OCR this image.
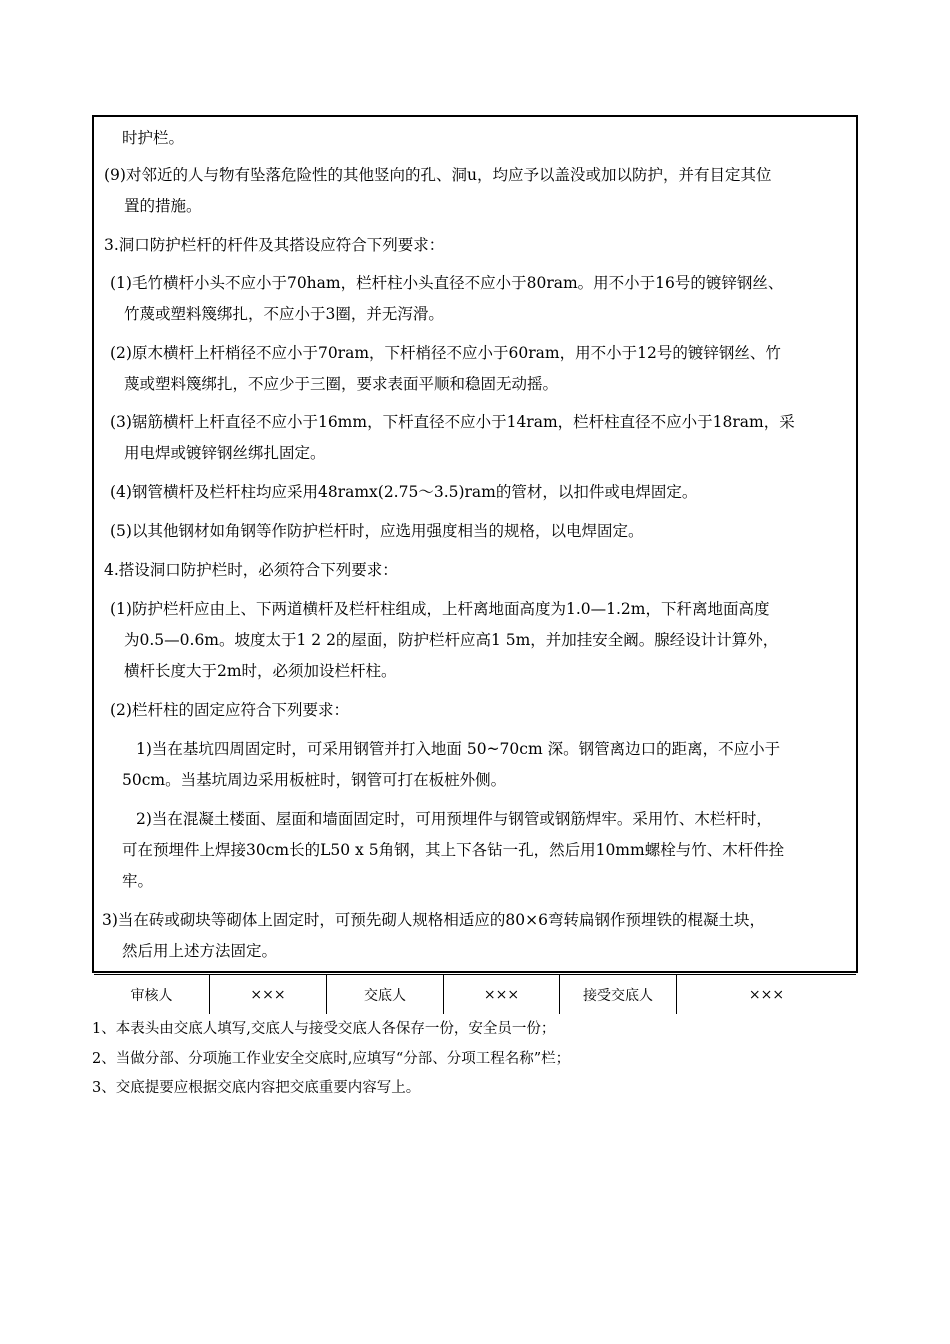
时护栏。
(9)对邻近的人与物有坠落危险性的其他竖向的孔、洞u，均应予以盖没或加以防护，并有目定其位
置的措施。
3.洞口防护栏杆的杆件及其搭设应符合下列要求：
(1)毛竹横杆小头不应小于70ham，栏杆柱小头直径不应小于80ram。用不小于16号的镀锌钢丝、
竹蔑或塑料篾绑扎，不应小于3圈，并无泻滑。
(2)原木横杆上杆梢径不应小于70ram，下杆梢径不应小于60ram，用不小于12号的镀锌钢丝、竹
蔑或塑料篾绑扎，不应少于三圈，要求表面平顺和稳固无动摇。
(3)锯筋横杆上杆直径不应小于16mm，下杆直径不应小于14ram，栏杆柱直径不应小于18ram，采
用电焊或镀锌钢丝绑扎固定。
(4)钢管横杆及栏杆柱均应采用48ramx(2.75～3.5)ram的管材，以扣件或电焊固定。
(5)以其他钢材如角钢等作防护栏杆时，应选用强度相当的规格，以电焊固定。
4.搭设洞口防护栏时，必须符合下列要求：
(1)防护栏杆应由上、下两道横杆及栏杆柱组成，上杆离地面高度为1.0—1.2m，下秆离地面高度
为0.5—0.6m。坡度太于1 2 2的屋面，防护栏杆应高1 5m，并加挂安全阚。腺经设计计算外，
横杆长度大于2m时，必须加设栏杆柱。
(2)栏杆柱的固定应符合下列要求：
1)当在基坑四周固定时，可采用钢管并打入地面 50~70cm 深。钢管离边口的距离，不应小于
50cm。当基坑周边采用板桩时，钢管可打在板桩外侧。
2)当在混凝土楼面、屋面和墙面固定时，可用预埋件与钢管或钢筋焊牢。采用竹、木栏杆时，
可在预埋件上焊接30cm长的L50 x 5角钢，其上下各钻一孔，然后用10mm螺栓与竹、木杆件拴
牢。
3)当在砖或砌块等砌体上固定时，可预先砌人规格相适应的80×6弯转扁钢作预埋铁的棍凝土块，
然后用上述方法固定。
审核人	×××	交底人	×××	接受交底人	×××
1、本表头由交底人填写,交底人与接受交底人各保存一份，安全员一份；
2、当做分部、分项施工作业安全交底时,应填写“分部、分项工程名称”栏；
3、交底提要应根据交底内容把交底重要内容写上。
